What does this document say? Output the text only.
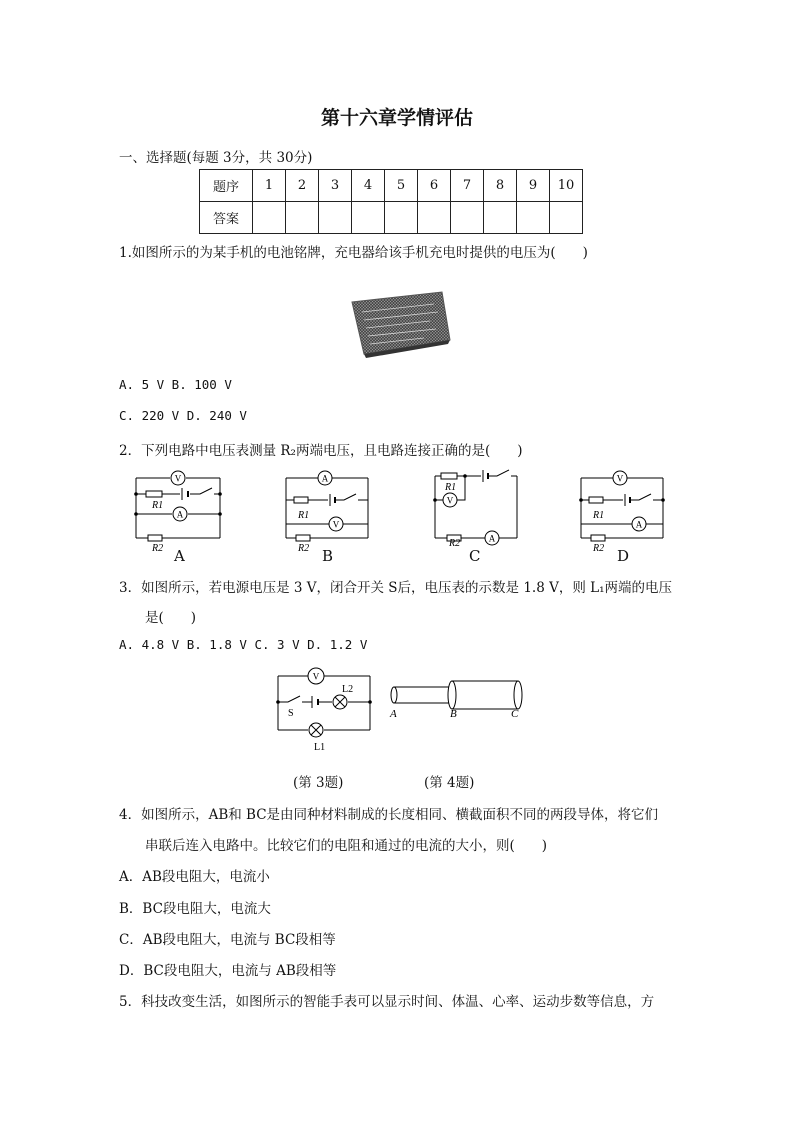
第十六章学情评估
一、选择题(每题 3分，共 30分)
题序	1	2	3	4	5	6	7	8	9	10
答案										
1.如图所示的为某手机的电池铭牌，充电器给该手机充电时提供的电压为(　　)
A. 5 V B. 100 V
C. 220 V D. 240 V
2．下列电路中电压表测量 R₂两端电压，且电路连接正确的是(　　)
V
A
R1
R2 A
A
V
R1
R2 B
V
A
R1
R2
C
V
A
R1
R2 D
3．如图所示，若电源电压是 3 V，闭合开关 S后，电压表的示数是 1.8 V，则 L₁两端的电压
是(　　)
A. 4.8 V B. 1.8 V C. 3 V D. 1.2 V
V
S
L2
L1
A	B	C
(第 3题)	(第 4题)
4．如图所示，AB和 BC是由同种材料制成的长度相同、横截面积不同的两段导体，将它们
串联后连入电路中。比较它们的电阻和通过的电流的大小，则(　　)
A．AB段电阻大，电流小
B．BC段电阻大，电流大
C．AB段电阻大，电流与 BC段相等
D．BC段电阻大，电流与 AB段相等
5．科技改变生活，如图所示的智能手表可以显示时间、体温、心率、运动步数等信息，方
